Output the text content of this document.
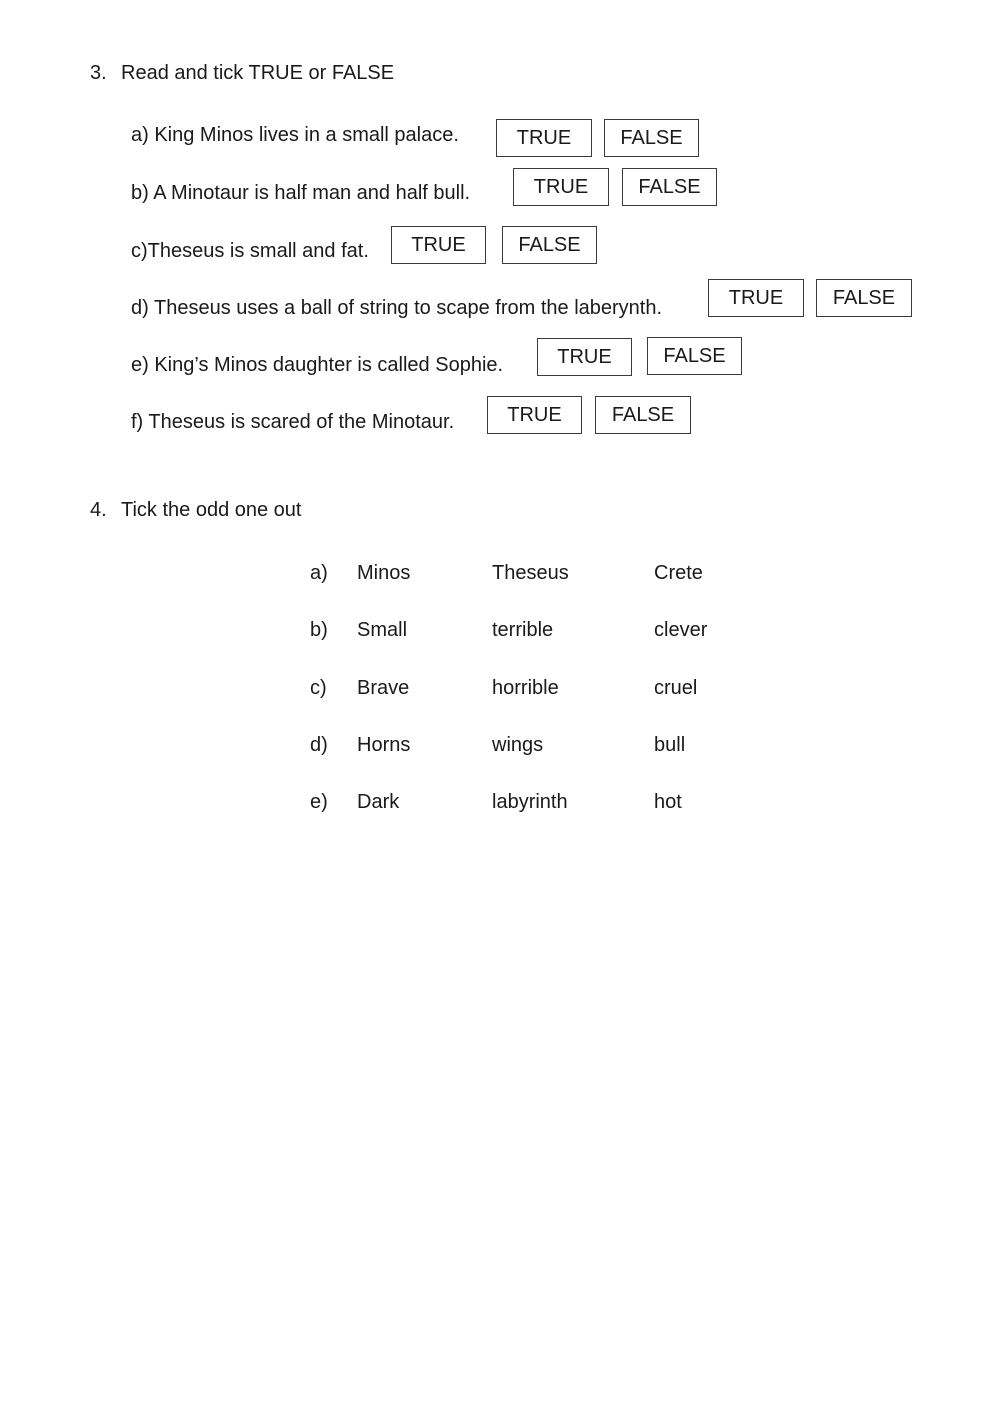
3. Read and tick TRUE or FALSE
a) King Minos lives in a small palace.	TRUE	FALSE
b) A Minotaur is half man and half bull.	TRUE	FALSE
c)Theseus is small and fat.	TRUE	FALSE
d) Theseus uses a ball of string to scape from the laberynth.	TRUE	FALSE
e) King’s Minos daughter is called Sophie.	TRUE	FALSE
f) Theseus is scared of the Minotaur.	TRUE	FALSE
4. Tick the odd one out
a) Minos	Theseus	Crete
b) Small	terrible	clever
c) Brave	horrible	cruel
d) Horns	wings	bull
e) Dark	labyrinth	hot
